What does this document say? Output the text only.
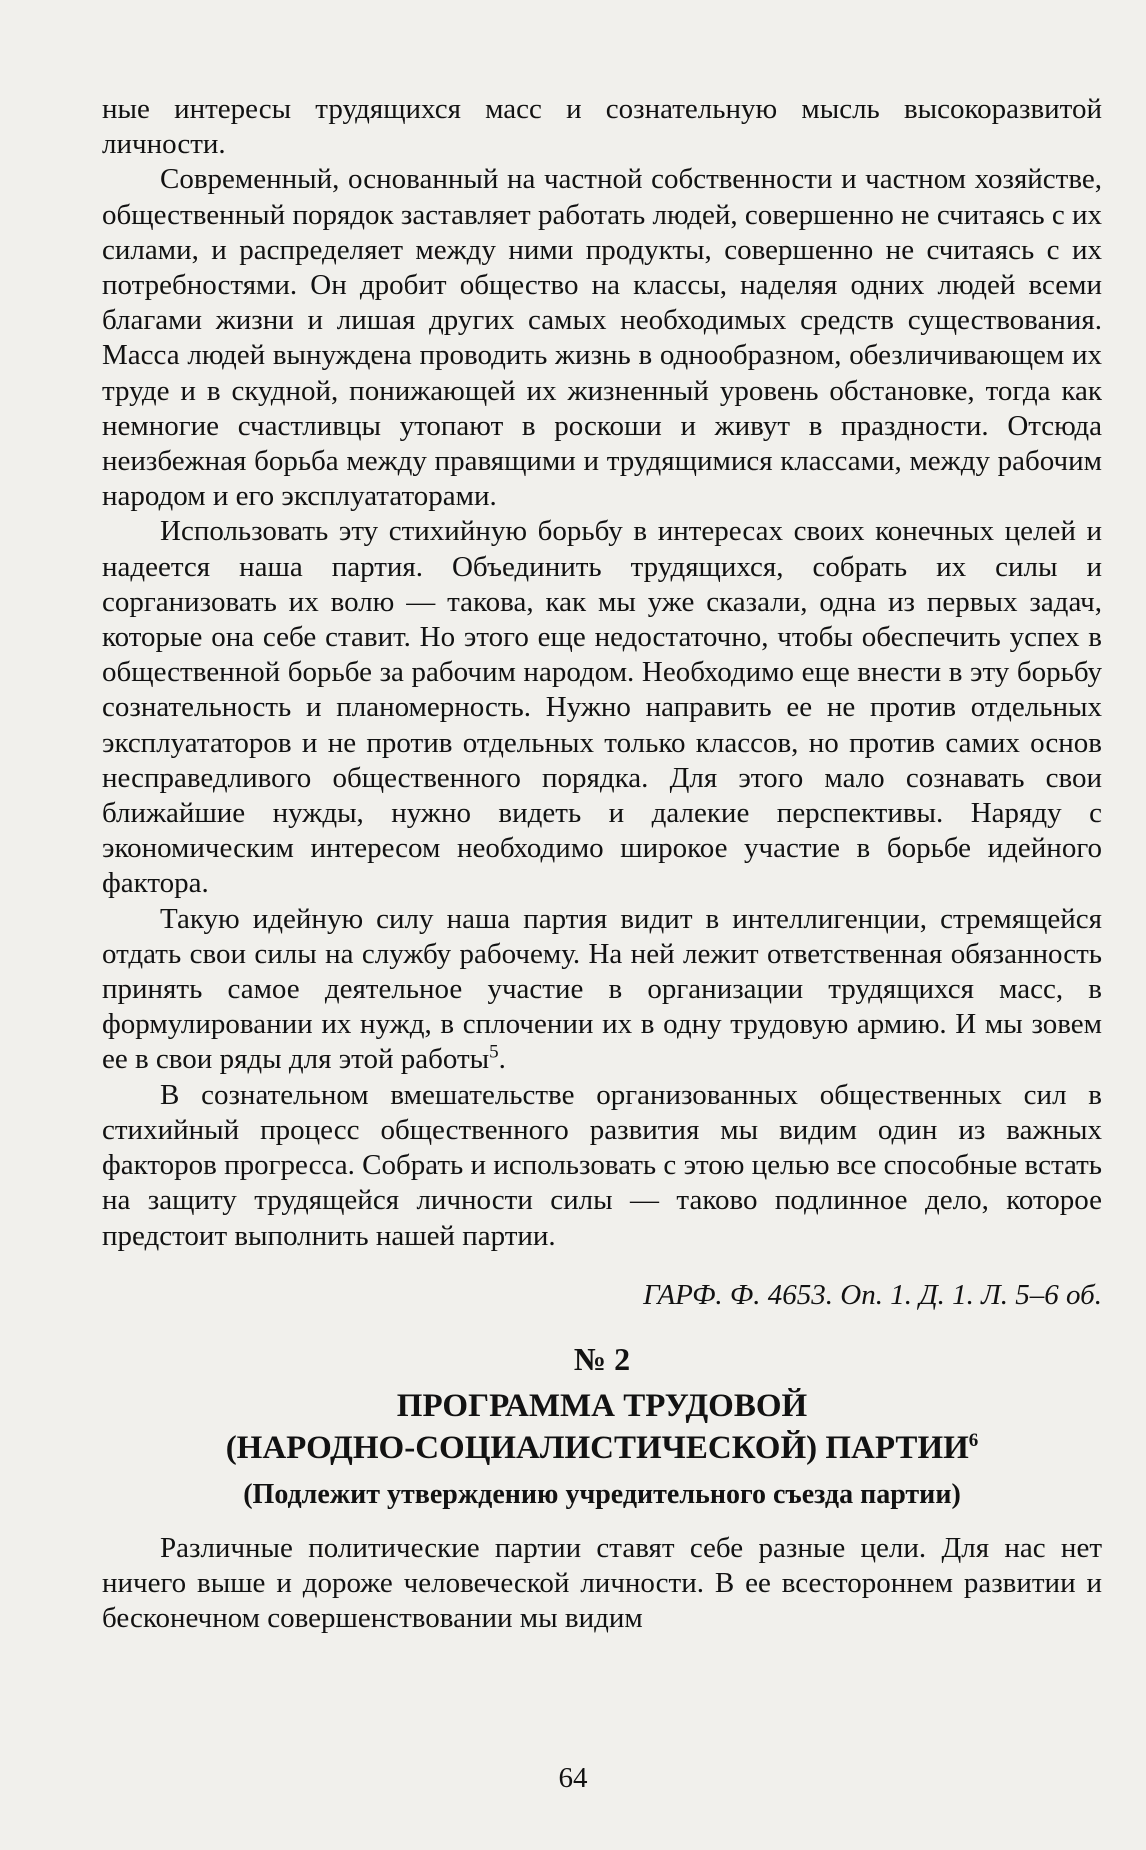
ные интересы трудящихся масс и сознательную мысль высокоразвитой личности.

Современный, основанный на частной собственности и частном хозяйстве, общественный порядок заставляет работать людей, совершенно не считаясь с их силами, и распределяет между ними продукты, совершенно не считаясь с их потребностями. Он дробит общество на классы, наделяя одних людей всеми благами жизни и лишая других самых необходимых средств существования. Масса людей вынуждена проводить жизнь в однообразном, обезличивающем их труде и в скудной, понижающей их жизненный уровень обстановке, тогда как немногие счастливцы утопают в роскоши и живут в праздности. Отсюда неизбежная борьба между правящими и трудящимися классами, между рабочим народом и его эксплуататорами.

Использовать эту стихийную борьбу в интересах своих конечных целей и надеется наша партия. Объединить трудящихся, собрать их силы и сорганизовать их волю — такова, как мы уже сказали, одна из первых задач, которые она себе ставит. Но этого еще недостаточно, чтобы обеспечить успех в общественной борьбе за рабочим народом. Необходимо еще внести в эту борьбу сознательность и планомерность. Нужно направить ее не против отдельных эксплуататоров и не против отдельных только классов, но против самих основ несправедливого общественного порядка. Для этого мало сознавать свои ближайшие нужды, нужно видеть и далекие перспективы. Наряду с экономическим интересом необходимо широкое участие в борьбе идейного фактора.

Такую идейную силу наша партия видит в интеллигенции, стремящейся отдать свои силы на службу рабочему. На ней лежит ответственная обязанность принять самое деятельное участие в организации трудящихся масс, в формулировании их нужд, в сплочении их в одну трудовую армию. И мы зовем ее в свои ряды для этой работы$^5$.

В сознательном вмешательстве организованных общественных сил в стихийный процесс общественного развития мы видим один из важных факторов прогресса. Собрать и использовать с этою целью все способные встать на защиту трудящейся личности силы — таково подлинное дело, которое предстоит выполнить нашей партии.

ГАРФ. Ф. 4653. Оп. 1. Д. 1. Л. 5–6 об.

№ 2

ПРОГРАММА ТРУДОВОЙ
(НАРОДНО-СОЦИАЛИСТИЧЕСКОЙ) ПАРТИИ$^6$

(Подлежит утверждению учредительного съезда партии)

Различные политические партии ставят себе разные цели. Для нас нет ничего выше и дороже человеческой личности. В ее всестороннем развитии и бесконечном совершенствовании мы видим

64
